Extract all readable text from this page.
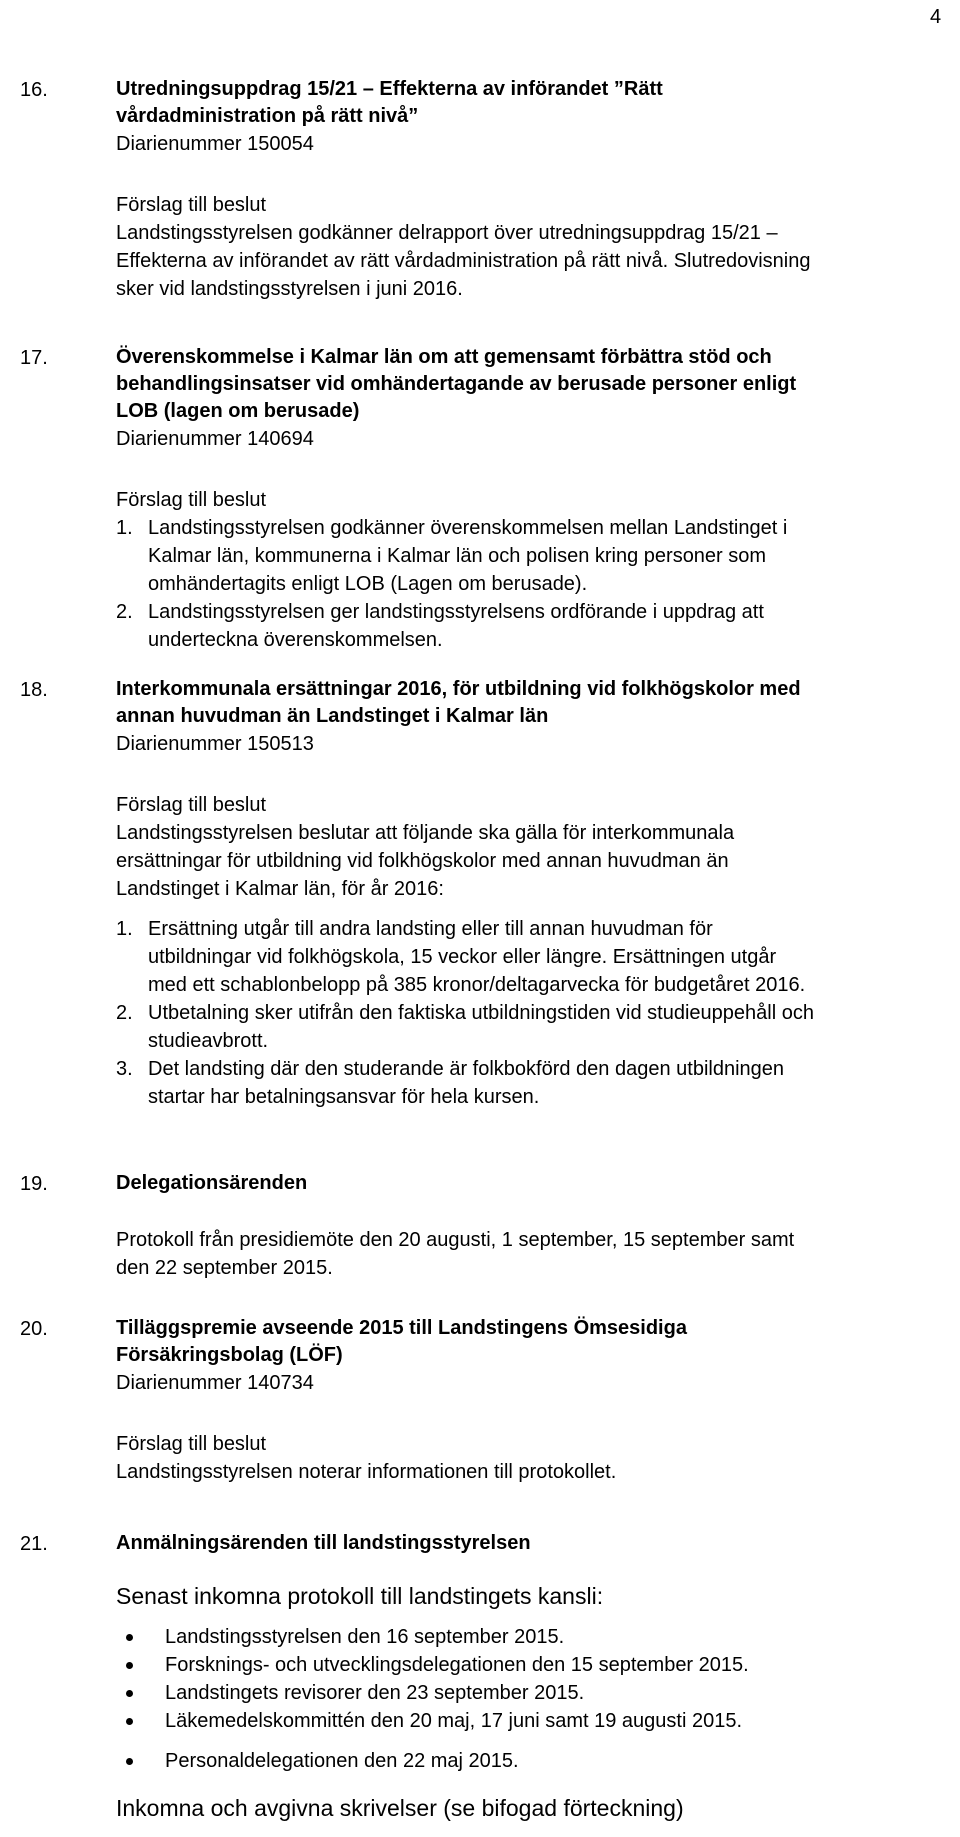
4
16.	Utredningsuppdrag 15/21 – Effekterna av införandet ”Rätt
vårdadministration på rätt nivå”

Diarienummer 150054

Förslag till beslut

Landstingsstyrelsen godkänner delrapport över utredningsuppdrag 15/21 –
Effekterna av införandet av rätt vårdadministration på rätt nivå. Slutredovisning
sker vid landstingsstyrelsen i juni 2016.

17.	Överenskommelse i Kalmar län om att gemensamt förbättra stöd och
behandlingsinsatser vid omhändertagande av berusade personer enligt
LOB (lagen om berusade)

Diarienummer 140694

Förslag till beslut

1. Landstingsstyrelsen godkänner överenskommelsen mellan Landstinget i
Kalmar län, kommunerna i Kalmar län och polisen kring personer som
omhändertagits enligt LOB (Lagen om berusade).
2. Landstingsstyrelsen ger landstingsstyrelsens ordförande i uppdrag att
underteckna överenskommelsen.
18.	Interkommunala ersättningar 2016, för utbildning vid folkhögskolor med
annan huvudman än Landstinget i Kalmar län

Diarienummer 150513

Förslag till beslut

Landstingsstyrelsen beslutar att följande ska gälla för interkommunala
ersättningar för utbildning vid folkhögskolor med annan huvudman än
Landstinget i Kalmar län, för år 2016:

1. Ersättning utgår till andra landsting eller till annan huvudman för
utbildningar vid folkhögskola, 15 veckor eller längre. Ersättningen utgår
med ett schablonbelopp på 385 kronor/deltagarvecka för budgetåret 2016.
2. Utbetalning sker utifrån den faktiska utbildningstiden vid studieuppehåll och
studieavbrott.
3. Det landsting där den studerande är folkbokförd den dagen utbildningen
startar har betalningsansvar för hela kursen.
19.	Delegationsärenden

Protokoll från presidiemöte den 20 augusti, 1 september, 15 september samt
den 22 september 2015.

20.	Tilläggspremie avseende 2015 till Landstingens Ömsesidiga
Försäkringsbolag (LÖF)

Diarienummer 140734

Förslag till beslut

Landstingsstyrelsen noterar informationen till protokollet.

21.	Anmälningsärenden till landstingsstyrelsen

Senast inkomna protokoll till landstingets kansli:

Landstingsstyrelsen den 16 september 2015.
Forsknings- och utvecklingsdelegationen den 15 september 2015.
Landstingets revisorer den 23 september 2015.
Läkemedelskommittén den 20 maj, 17 juni samt 19 augusti 2015.
Personaldelegationen den 22 maj 2015.

Inkomna och avgivna skrivelser (se bifogad förteckning)
